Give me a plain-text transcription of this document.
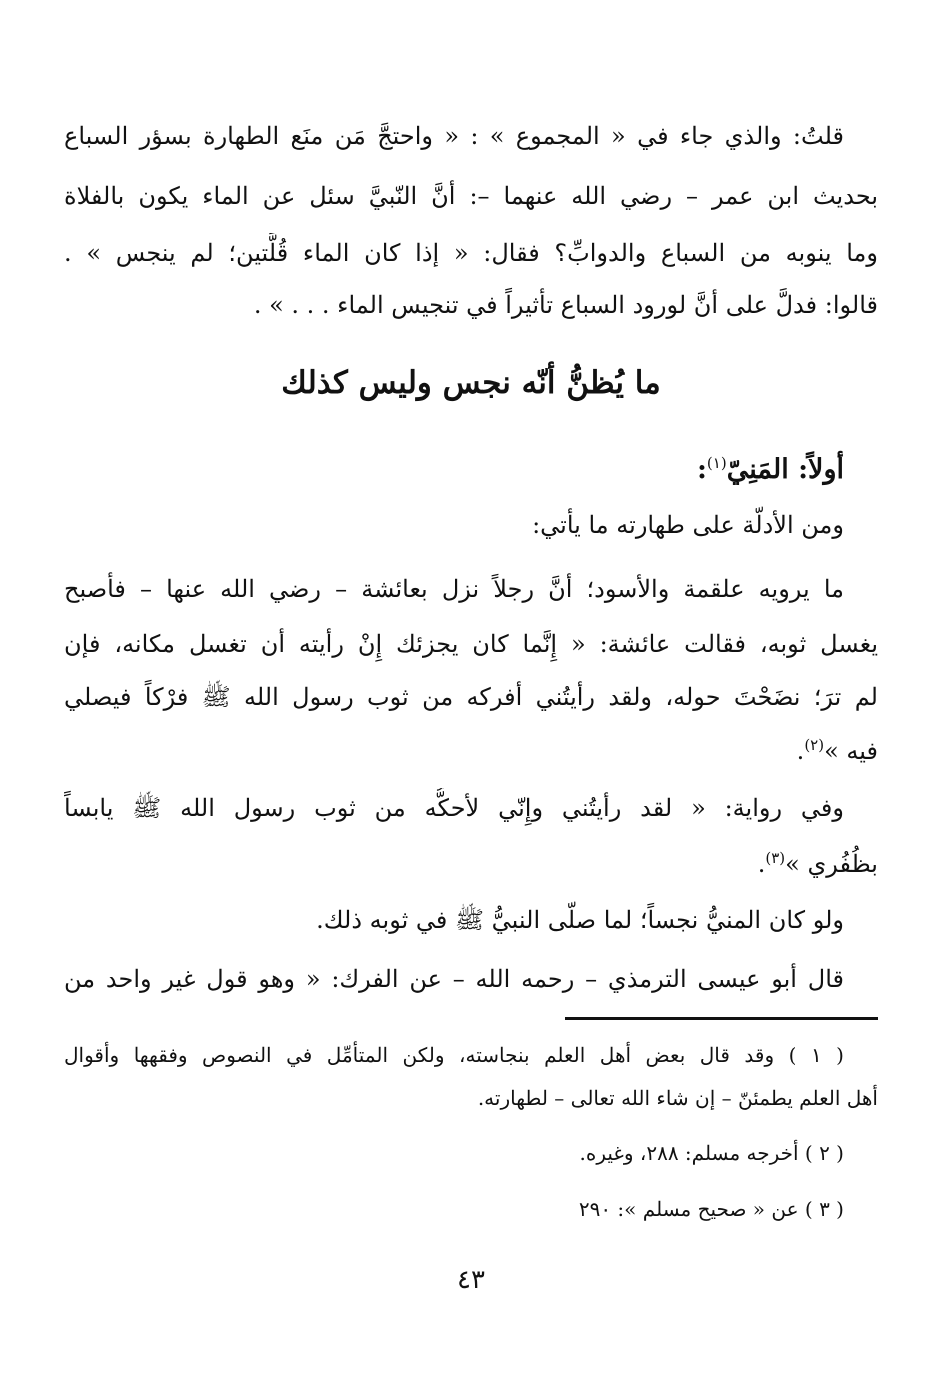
قلتُ: والذي جاء في « المجموع » : « واحتجَّ مَن منَع الطهارة بسؤر السباع
بحديث ابن عمر – رضي الله عنهما –: أنَّ النّبيَّ سئل عن الماء يكون بالفلاة
وما ينوبه من السباع والدوابِّ؟ فقال: « إذا كان الماء قُلَّتين؛ لم ينجس » .
قالوا: فدلَّ على أنَّ لورود السباع تأثيراً في تنجيس الماء . . . » .
ما يُظنُّ أنّه نجس وليس كذلك
أولاً: المَنِيّ$^{(١)}$:
ومن الأدلّة على طهارته ما يأتي:
ما يرويه علقمة والأسود؛ أنَّ رجلاً نزل بعائشة – رضي الله عنها – فأصبح
يغسل ثوبه، فقالت عائشة: « إِنَّما كان يجزئك إِنْ رأيته أن تغسل مكانه، فإن
لم ترَ؛ نضَحْتَ حوله، ولقد رأيتُني أفركه من ثوب رسول الله ﷺ فرْكاً فيصلي
فيه »$^{(٢)}$.
وفي رواية: « لقد رأيتُني وإِنّي لأحكُّه من ثوب رسول الله ﷺ يابساً
بظُفُري »$^{(٣)}$.
ولو كان المنيُّ نجساً؛ لما صلّى النبيُّ ﷺ في ثوبه ذلك.
قال أبو عيسى الترمذي – رحمه الله – عن الفرك: « وهو قول غير واحد من
( ١ ) وقد قال بعض أهل العلم بنجاسته، ولكن المتأمِّل في النصوص وفقهها وأقوال
أهل العلم يطمئنّ – إن شاء الله تعالى – لطهارته.
( ٢ ) أخرجه مسلم: ٢٨٨، وغيره.
( ٣ ) عن « صحيح مسلم »: ٢٩٠
٤٣
